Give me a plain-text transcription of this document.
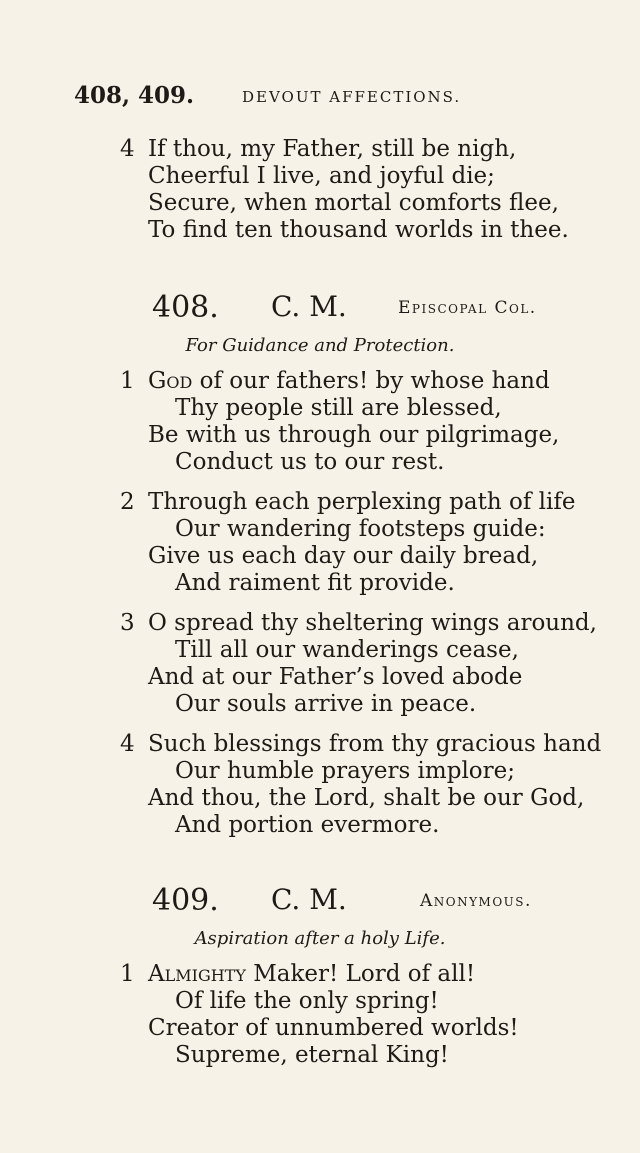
408, 409.	DEVOUT AFFECTIONS.
4 If thou, my Father, still be nigh,
Cheerful I live, and joyful die;
Secure, when mortal comforts flee,
To find ten thousand worlds in thee.
408. C. M.	Episcopal Col.
For Guidance and Protection.
1 God of our fathers! by whose hand
Thy people still are blessed,
Be with us through our pilgrimage,
Conduct us to our rest.
2 Through each perplexing path of life
Our wandering footsteps guide:
Give us each day our daily bread,
And raiment fit provide.
3 O spread thy sheltering wings around,
Till all our wanderings cease,
And at our Father’s loved abode
Our souls arrive in peace.
4 Such blessings from thy gracious hand
Our humble prayers implore;
And thou, the Lord, shalt be our God,
And portion evermore.
409. C. M.	Anonymous.
Aspiration after a holy Life.
1 Almighty Maker! Lord of all!
Of life the only spring!
Creator of unnumbered worlds!
Supreme, eternal King!
